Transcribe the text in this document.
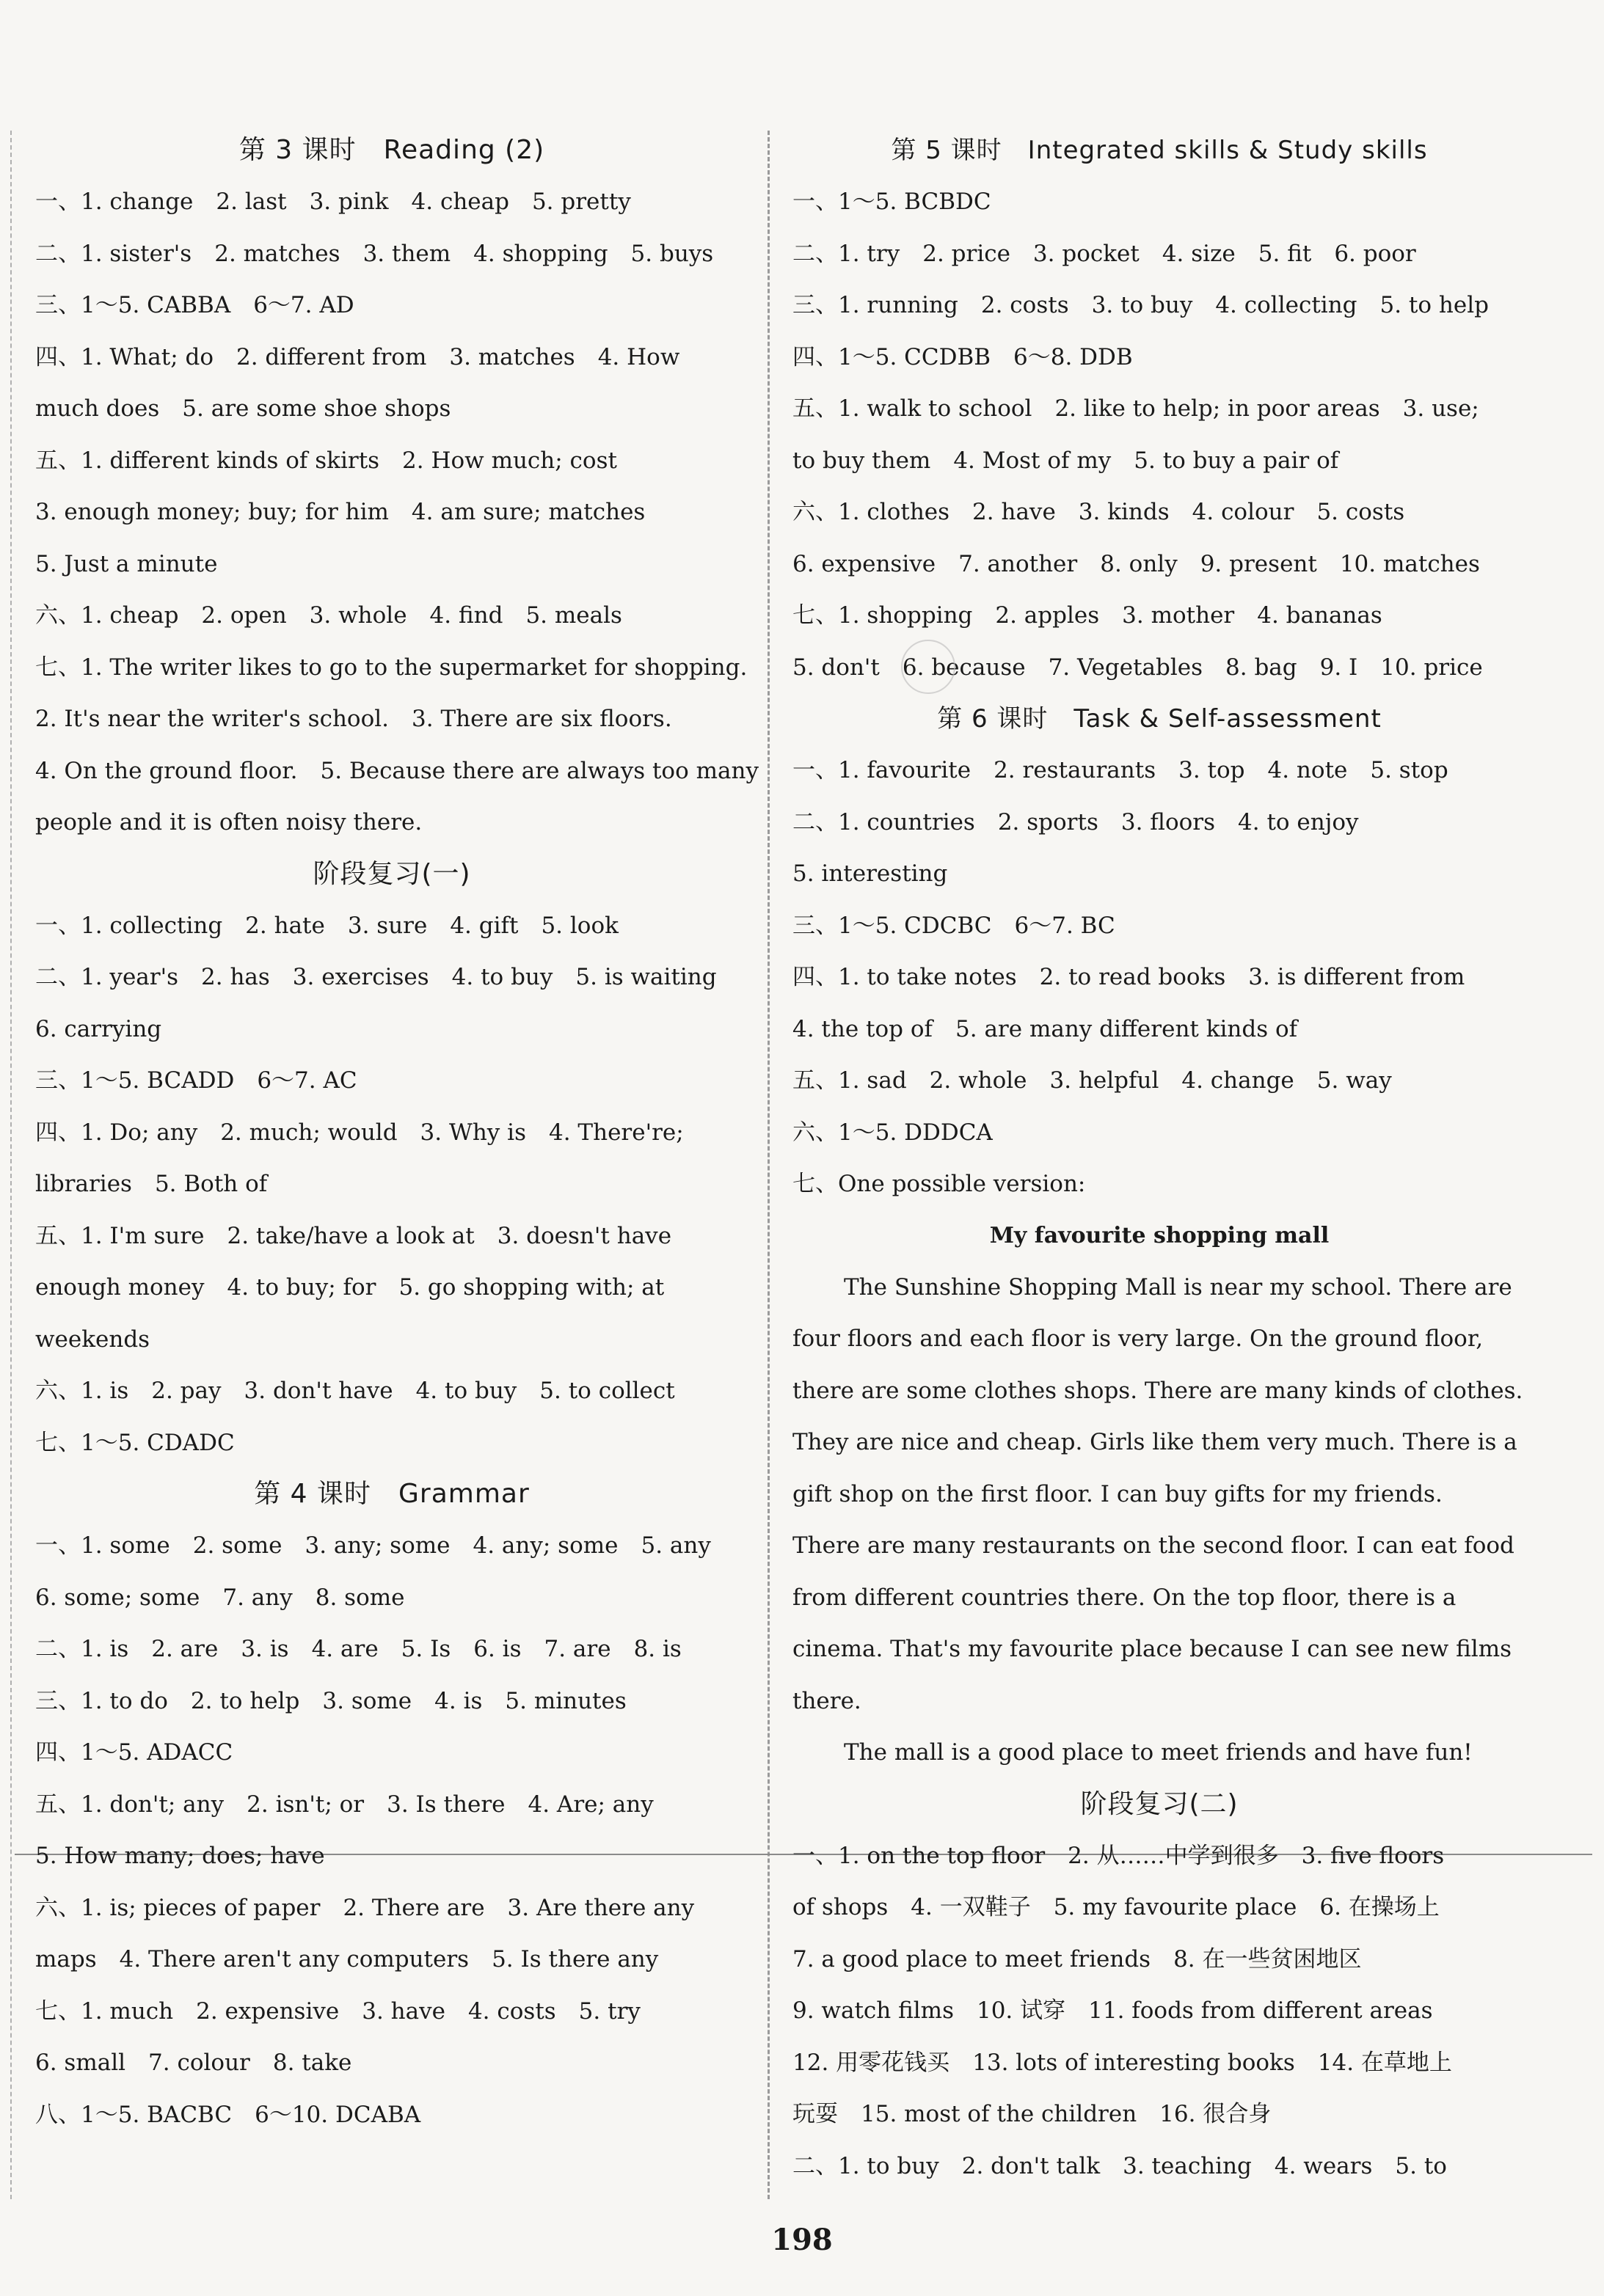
第 3 课时　Reading (2)
一、1. change　2. last　3. pink　4. cheap　5. pretty
二、1. sister's　2. matches　3. them　4. shopping　5. buys
三、1～5. CABBA　6～7. AD
四、1. What; do　2. different from　3. matches　4. How
much does　5. are some shoe shops
五、1. different kinds of skirts　2. How much; cost
3. enough money; buy; for him　4. am sure; matches
5. Just a minute
六、1. cheap　2. open　3. whole　4. find　5. meals
七、1. The writer likes to go to the supermarket for shopping.
2. It's near the writer's school.　3. There are six floors.
4. On the ground floor.　5. Because there are always too many
people and it is often noisy there.
阶段复习(一)
一、1. collecting　2. hate　3. sure　4. gift　5. look
二、1. year's　2. has　3. exercises　4. to buy　5. is waiting
6. carrying
三、1～5. BCADD　6～7. AC
四、1. Do; any　2. much; would　3. Why is　4. There're;
libraries　5. Both of
五、1. I'm sure　2. take/have a look at　3. doesn't have
enough money　4. to buy; for　5. go shopping with; at
weekends
六、1. is　2. pay　3. don't have　4. to buy　5. to collect
七、1～5. CDADC
第 4 课时　Grammar
一、1. some　2. some　3. any; some　4. any; some　5. any
6. some; some　7. any　8. some
二、1. is　2. are　3. is　4. are　5. Is　6. is　7. are　8. is
三、1. to do　2. to help　3. some　4. is　5. minutes
四、1～5. ADACC
五、1. don't; any　2. isn't; or　3. Is there　4. Are; any
5. How many; does; have
六、1. is; pieces of paper　2. There are　3. Are there any
maps　4. There aren't any computers　5. Is there any
七、1. much　2. expensive　3. have　4. costs　5. try
6. small　7. colour　8. take
八、1～5. BACBC　6～10. DCABA
第 5 课时　Integrated skills & Study skills
一、1～5. BCBDC
二、1. try　2. price　3. pocket　4. size　5. fit　6. poor
三、1. running　2. costs　3. to buy　4. collecting　5. to help
四、1～5. CCDBB　6～8. DDB
五、1. walk to school　2. like to help; in poor areas　3. use;
to buy them　4. Most of my　5. to buy a pair of
六、1. clothes　2. have　3. kinds　4. colour　5. costs
6. expensive　7. another　8. only　9. present　10. matches
七、1. shopping　2. apples　3. mother　4. bananas
5. don't　6. because　7. Vegetables　8. bag　9. I　10. price
第 6 课时　Task & Self-assessment
一、1. favourite　2. restaurants　3. top　4. note　5. stop
二、1. countries　2. sports　3. floors　4. to enjoy
5. interesting
三、1～5. CDCBC　6～7. BC
四、1. to take notes　2. to read books　3. is different from
4. the top of　5. are many different kinds of
五、1. sad　2. whole　3. helpful　4. change　5. way
六、1～5. DDDCA
七、One possible version:
My favourite shopping mall
The Sunshine Shopping Mall is near my school. There are
four floors and each floor is very large. On the ground floor,
there are some clothes shops. There are many kinds of clothes.
They are nice and cheap. Girls like them very much. There is a
gift shop on the first floor. I can buy gifts for my friends.
There are many restaurants on the second floor. I can eat food
from different countries there. On the top floor, there is a
cinema. That's my favourite place because I can see new films
there.
The mall is a good place to meet friends and have fun!
阶段复习(二)
一、1. on the top floor　2. 从……中学到很多　3. five floors
of shops　4. 一双鞋子　5. my favourite place　6. 在操场上
7. a good place to meet friends　8. 在一些贫困地区
9. watch films　10. 试穿　11. foods from different areas
12. 用零花钱买　13. lots of interesting books　14. 在草地上
玩耍　15. most of the children　16. 很合身
二、1. to buy　2. don't talk　3. teaching　4. wears　5. to
198
